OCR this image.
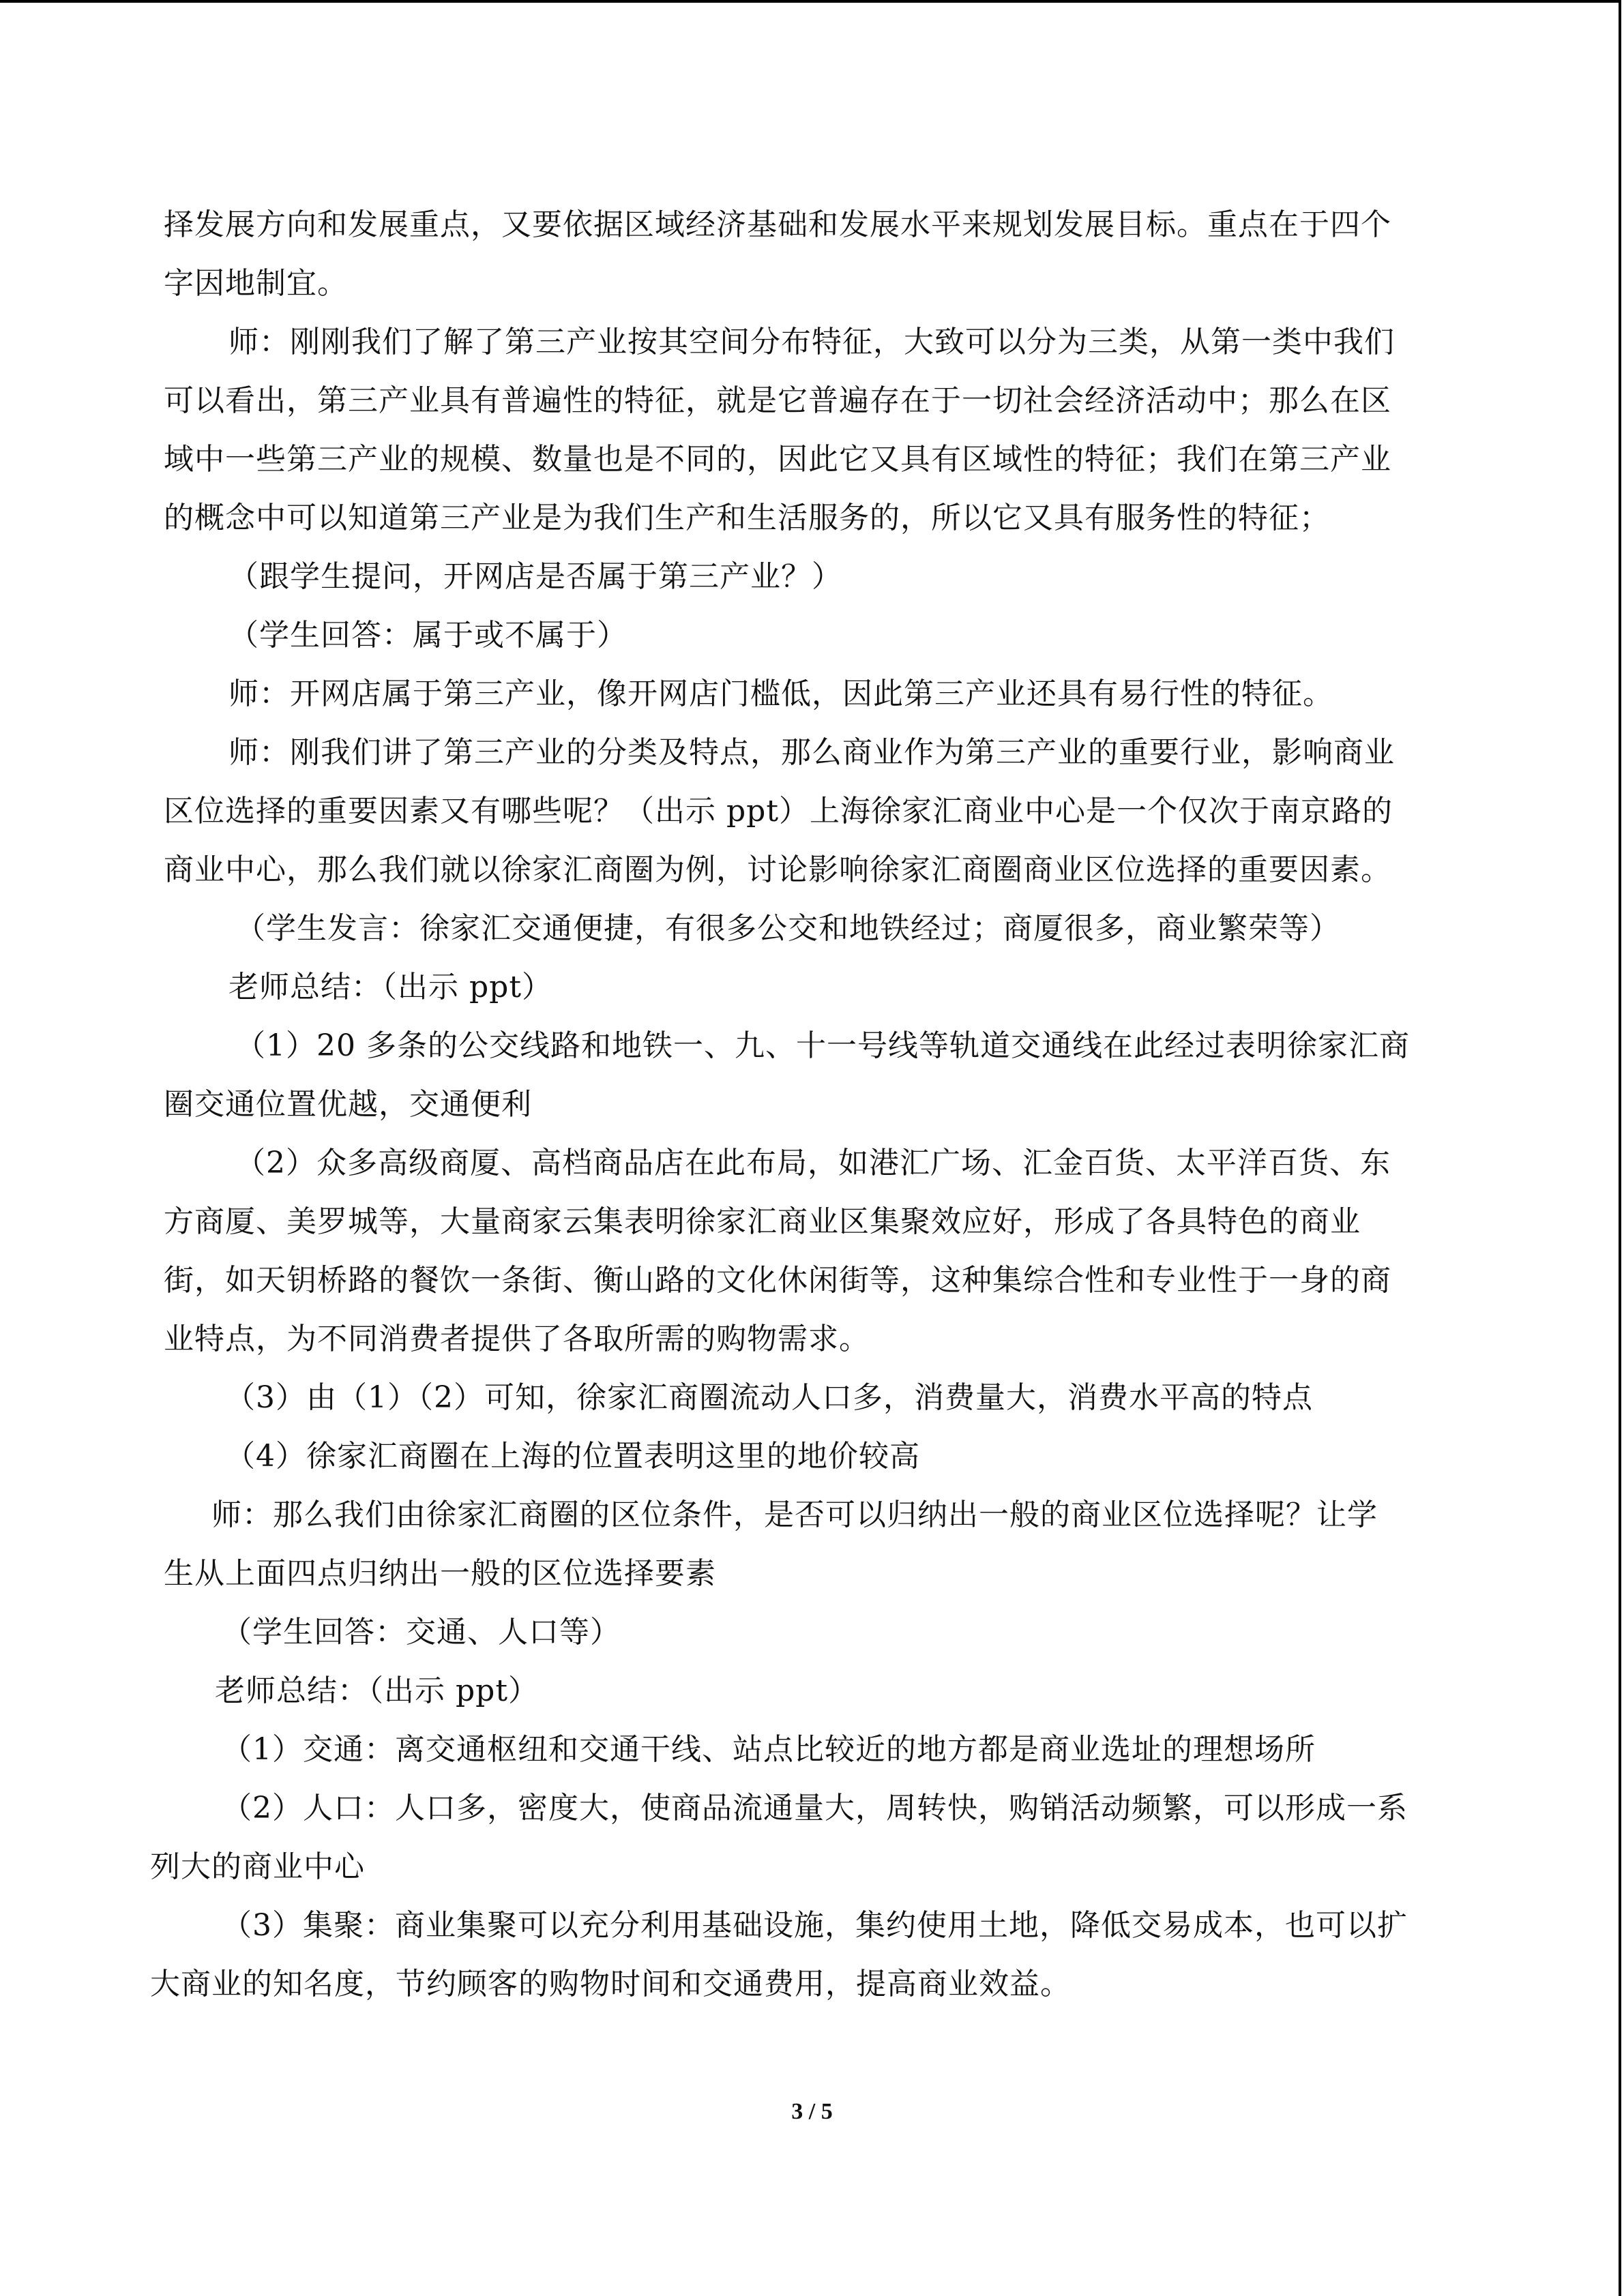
择发展方向和发展重点，又要依据区域经济基础和发展水平来规划发展目标。重点在于四个
字因地制宜。
师：刚刚我们了解了第三产业按其空间分布特征，大致可以分为三类，从第一类中我们
可以看出，第三产业具有普遍性的特征，就是它普遍存在于一切社会经济活动中；那么在区
域中一些第三产业的规模、数量也是不同的，因此它又具有区域性的特征；我们在第三产业
的概念中可以知道第三产业是为我们生产和生活服务的，所以它又具有服务性的特征；
（跟学生提问，开网店是否属于第三产业？）
（学生回答：属于或不属于）
师：开网店属于第三产业，像开网店门槛低，因此第三产业还具有易行性的特征。
师：刚我们讲了第三产业的分类及特点，那么商业作为第三产业的重要行业，影响商业
区位选择的重要因素又有哪些呢？（出示 ppt）上海徐家汇商业中心是一个仅次于南京路的
商业中心，那么我们就以徐家汇商圈为例，讨论影响徐家汇商圈商业区位选择的重要因素。
（学生发言：徐家汇交通便捷，有很多公交和地铁经过；商厦很多，商业繁荣等）
老师总结：（出示 ppt）
（1）20 多条的公交线路和地铁一、九、十一号线等轨道交通线在此经过表明徐家汇商
圈交通位置优越，交通便利
（2）众多高级商厦、高档商品店在此布局，如港汇广场、汇金百货、太平洋百货、东
方商厦、美罗城等，大量商家云集表明徐家汇商业区集聚效应好，形成了各具特色的商业
街，如天钥桥路的餐饮一条街、衡山路的文化休闲街等，这种集综合性和专业性于一身的商
业特点，为不同消费者提供了各取所需的购物需求。
（3）由（1）（2）可知，徐家汇商圈流动人口多，消费量大，消费水平高的特点
（4）徐家汇商圈在上海的位置表明这里的地价较高
师：那么我们由徐家汇商圈的区位条件，是否可以归纳出一般的商业区位选择呢？让学
生从上面四点归纳出一般的区位选择要素
（学生回答：交通、人口等）
老师总结：（出示 ppt）
（1）交通：离交通枢纽和交通干线、站点比较近的地方都是商业选址的理想场所
（2）人口：人口多，密度大，使商品流通量大，周转快，购销活动频繁，可以形成一系
列大的商业中心
（3）集聚：商业集聚可以充分利用基础设施，集约使用土地，降低交易成本，也可以扩
大商业的知名度，节约顾客的购物时间和交通费用，提高商业效益。
3 / 5
